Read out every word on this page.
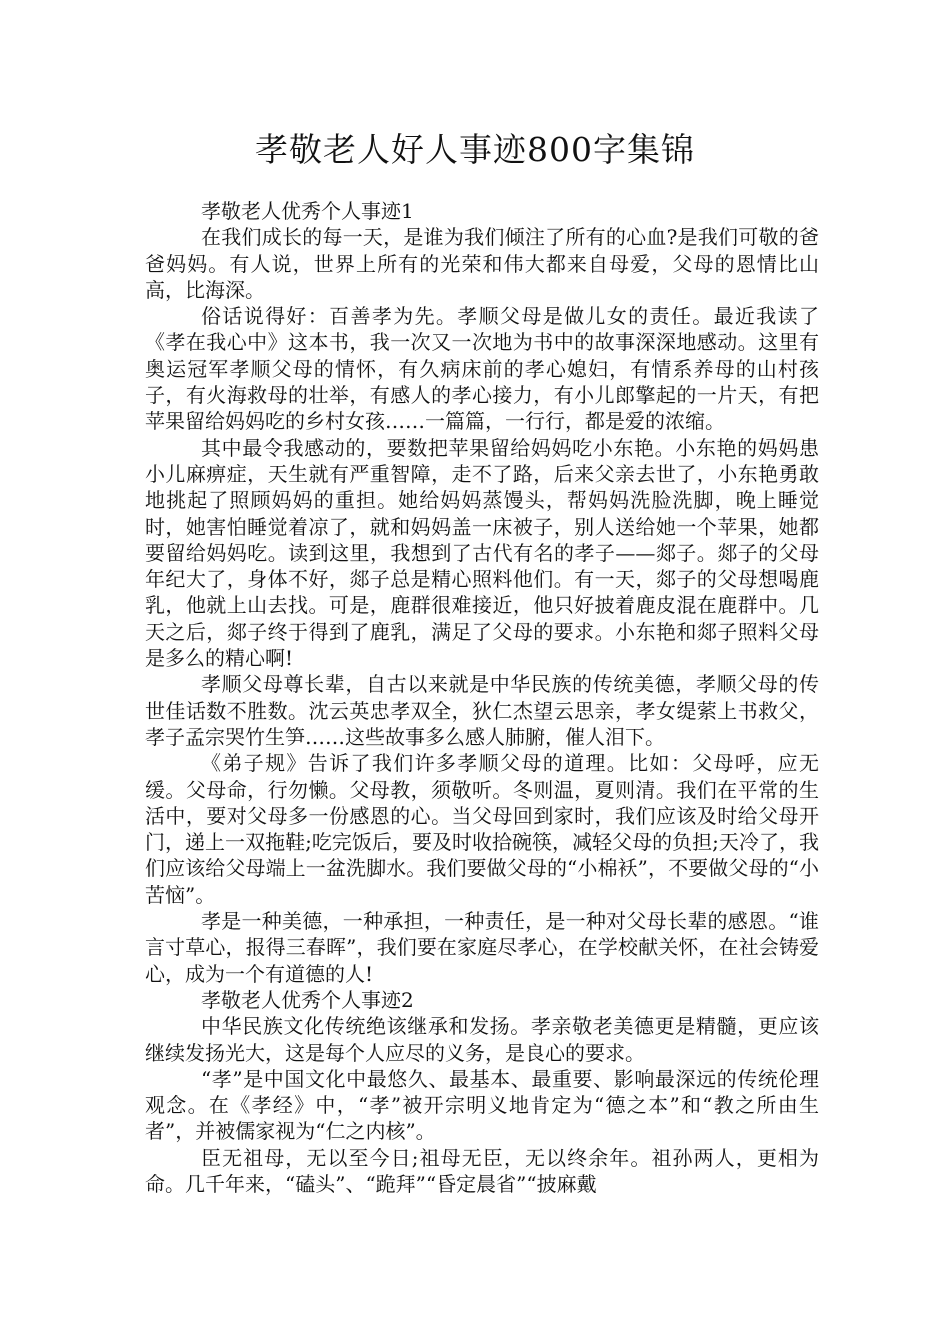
孝敬老人好人事迹800字集锦

孝敬老人优秀个人事迹1

在我们成长的每一天，是谁为我们倾注了所有的心血?是我们可敬的爸爸妈妈。有人说，世界上所有的光荣和伟大都来自母爱，父母的恩情比山高，比海深。

俗话说得好：百善孝为先。孝顺父母是做儿女的责任。最近我读了《孝在我心中》这本书，我一次又一次地为书中的故事深深地感动。这里有奥运冠军孝顺父母的情怀，有久病床前的孝心媳妇，有情系养母的山村孩子，有火海救母的壮举，有感人的孝心接力，有小儿郎擎起的一片天，有把苹果留给妈妈吃的乡村女孩……一篇篇，一行行，都是爱的浓缩。

其中最令我感动的，要数把苹果留给妈妈吃小东艳。小东艳的妈妈患小儿麻痹症，天生就有严重智障，走不了路，后来父亲去世了，小东艳勇敢地挑起了照顾妈妈的重担。她给妈妈蒸馒头，帮妈妈洗脸洗脚，晚上睡觉时，她害怕睡觉着凉了，就和妈妈盖一床被子，别人送给她一个苹果，她都要留给妈妈吃。读到这里，我想到了古代有名的孝子——郯子。郯子的父母年纪大了，身体不好，郯子总是精心照料他们。有一天，郯子的父母想喝鹿乳，他就上山去找。可是，鹿群很难接近，他只好披着鹿皮混在鹿群中。几天之后，郯子终于得到了鹿乳，满足了父母的要求。小东艳和郯子照料父母是多么的精心啊!

孝顺父母尊长辈，自古以来就是中华民族的传统美德，孝顺父母的传世佳话数不胜数。沈云英忠孝双全，狄仁杰望云思亲，孝女缇萦上书救父，孝子孟宗哭竹生笋……这些故事多么感人肺腑，催人泪下。

《弟子规》告诉了我们许多孝顺父母的道理。比如：父母呼，应无缓。父母命，行勿懒。父母教，须敬听。冬则温，夏则清。我们在平常的生活中，要对父母多一份感恩的心。当父母回到家时，我们应该及时给父母开门，递上一双拖鞋;吃完饭后，要及时收拾碗筷，减轻父母的负担;天冷了，我们应该给父母端上一盆洗脚水。我们要做父母的“小棉袄”，不要做父母的“小苦恼”。

孝是一种美德，一种承担，一种责任，是一种对父母长辈的感恩。“谁言寸草心，报得三春晖”，我们要在家庭尽孝心，在学校献关怀，在社会铸爱心，成为一个有道德的人!

孝敬老人优秀个人事迹2

中华民族文化传统绝该继承和发扬。孝亲敬老美德更是精髓，更应该继续发扬光大，这是每个人应尽的义务，是良心的要求。

“孝”是中国文化中最悠久、最基本、最重要、影响最深远的传统伦理观念。在《孝经》中，“孝”被开宗明义地肯定为“德之本”和“教之所由生者”，并被儒家视为“仁之内核”。

臣无祖母，无以至今日;祖母无臣，无以终余年。祖孙两人，更相为命。几千年来，“磕头”、“跪拜”“昏定晨省”“披麻戴
